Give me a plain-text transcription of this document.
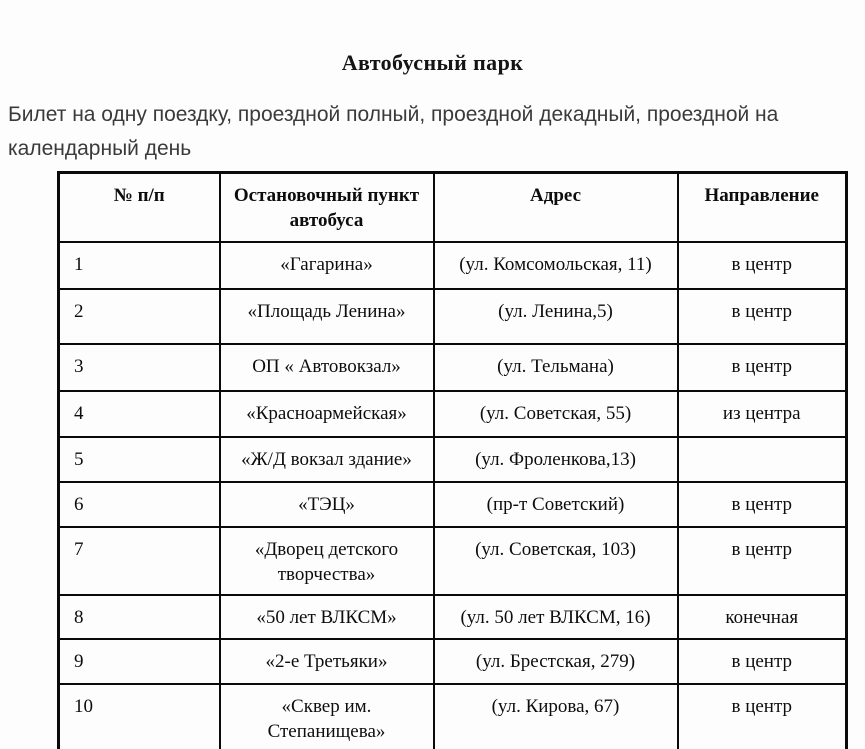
Автобусный парк
Билет на одну поездку, проездной полный, проездной декадный, проездной на календарный день
№ п/п	Остановочный пункт автобуса	Адрес	Направление
1	«Гагарина»	(ул. Комсомольская, 11)	в центр
2	«Площадь Ленина»	(ул. Ленина,5)	в центр
3	ОП « Автовокзал»	(ул. Тельмана)	в центр
4	«Красноармейская»	(ул. Советская, 55)	из центра
5	«Ж/Д вокзал здание»	(ул. Фроленкова,13)	
6	«ТЭЦ»	(пр-т Советский)	в центр
7	«Дворец детского творчества»	(ул. Советская, 103)	в центр
8	«50 лет ВЛКСМ»	(ул. 50 лет ВЛКСМ, 16)	конечная
9	«2-е Третьяки»	(ул. Брестская, 279)	в центр
10	«Сквер им. Степанищева»	(ул. Кирова, 67)	в центр
